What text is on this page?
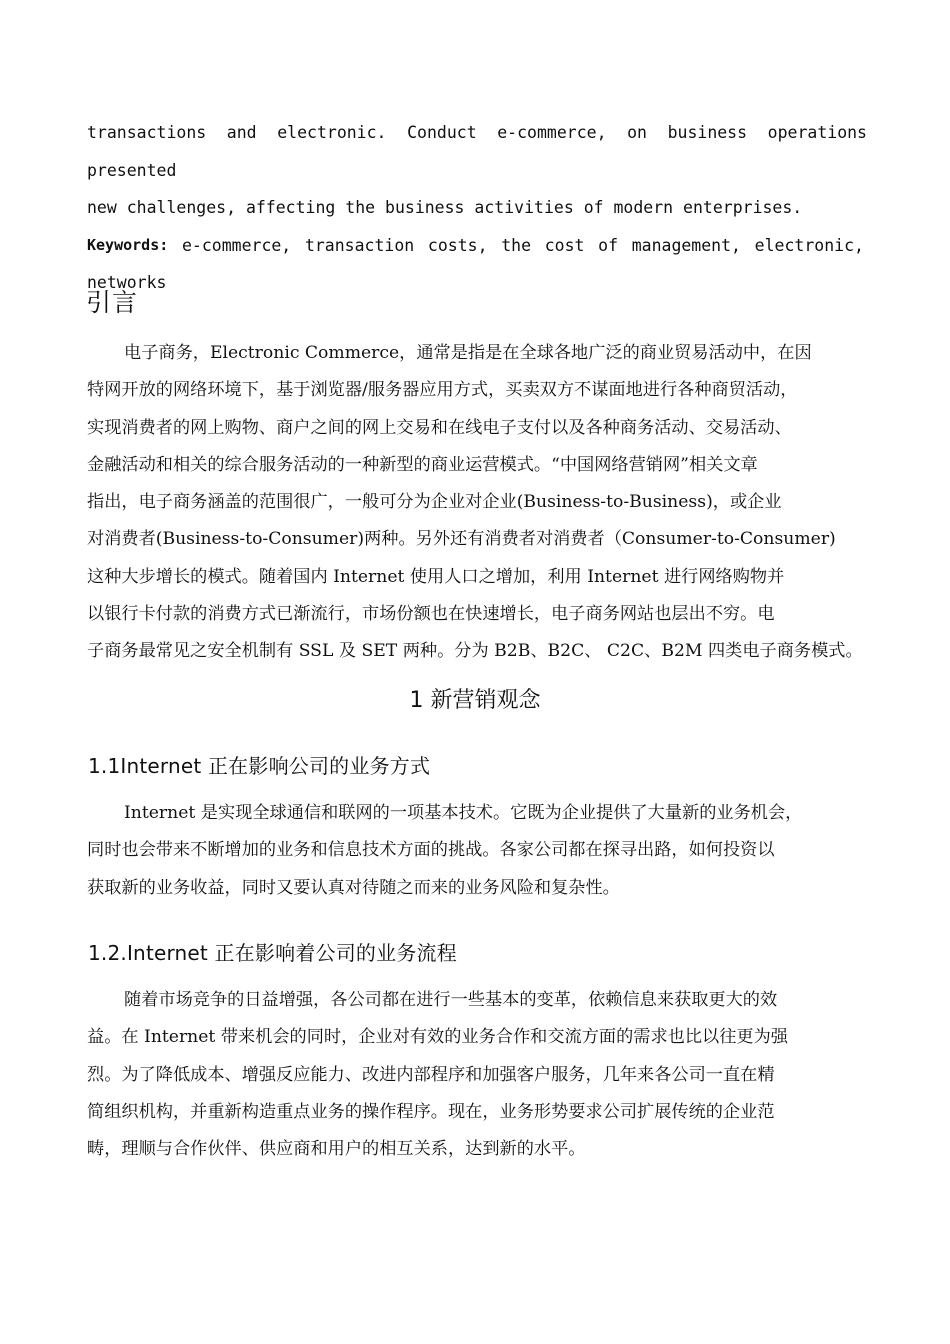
transactions and electronic. Conduct e-commerce, on business operations presented
new challenges, affecting the business activities of modern enterprises.
Keywords: e-commerce, transaction costs, the cost of management, electronic,
networks
引言
电子商务，Electronic Commerce，通常是指是在全球各地广泛的商业贸易活动中，在因
特网开放的网络环境下，基于浏览器/服务器应用方式，买卖双方不谋面地进行各种商贸活动，
实现消费者的网上购物、商户之间的网上交易和在线电子支付以及各种商务活动、交易活动、
金融活动和相关的综合服务活动的一种新型的商业运营模式。“中国网络营销网”相关文章
指出，电子商务涵盖的范围很广，一般可分为企业对企业(Business-to-Business)，或企业
对消费者(Business-to-Consumer)两种。另外还有消费者对消费者（Consumer-to-Consumer)
这种大步增长的模式。随着国内 Internet 使用人口之增加，利用 Internet 进行网络购物并
以银行卡付款的消费方式已渐流行，市场份额也在快速增长，电子商务网站也层出不穷。电
子商务最常见之安全机制有 SSL 及 SET 两种。分为 B2B、B2C、 C2C、B2M 四类电子商务模式。
1 新营销观念
1.1Internet 正在影响公司的业务方式
Internet 是实现全球通信和联网的一项基本技术。它既为企业提供了大量新的业务机会，
同时也会带来不断增加的业务和信息技术方面的挑战。各家公司都在探寻出路，如何投资以
获取新的业务收益，同时又要认真对待随之而来的业务风险和复杂性。
1.2.Internet 正在影响着公司的业务流程
随着市场竞争的日益增强，各公司都在进行一些基本的变革，依赖信息来获取更大的效
益。在 Internet 带来机会的同时，企业对有效的业务合作和交流方面的需求也比以往更为强
烈。为了降低成本、增强反应能力、改进内部程序和加强客户服务，几年来各公司一直在精
简组织机构，并重新构造重点业务的操作程序。现在，业务形势要求公司扩展传统的企业范
畴，理顺与合作伙伴、供应商和用户的相互关系，达到新的水平。
